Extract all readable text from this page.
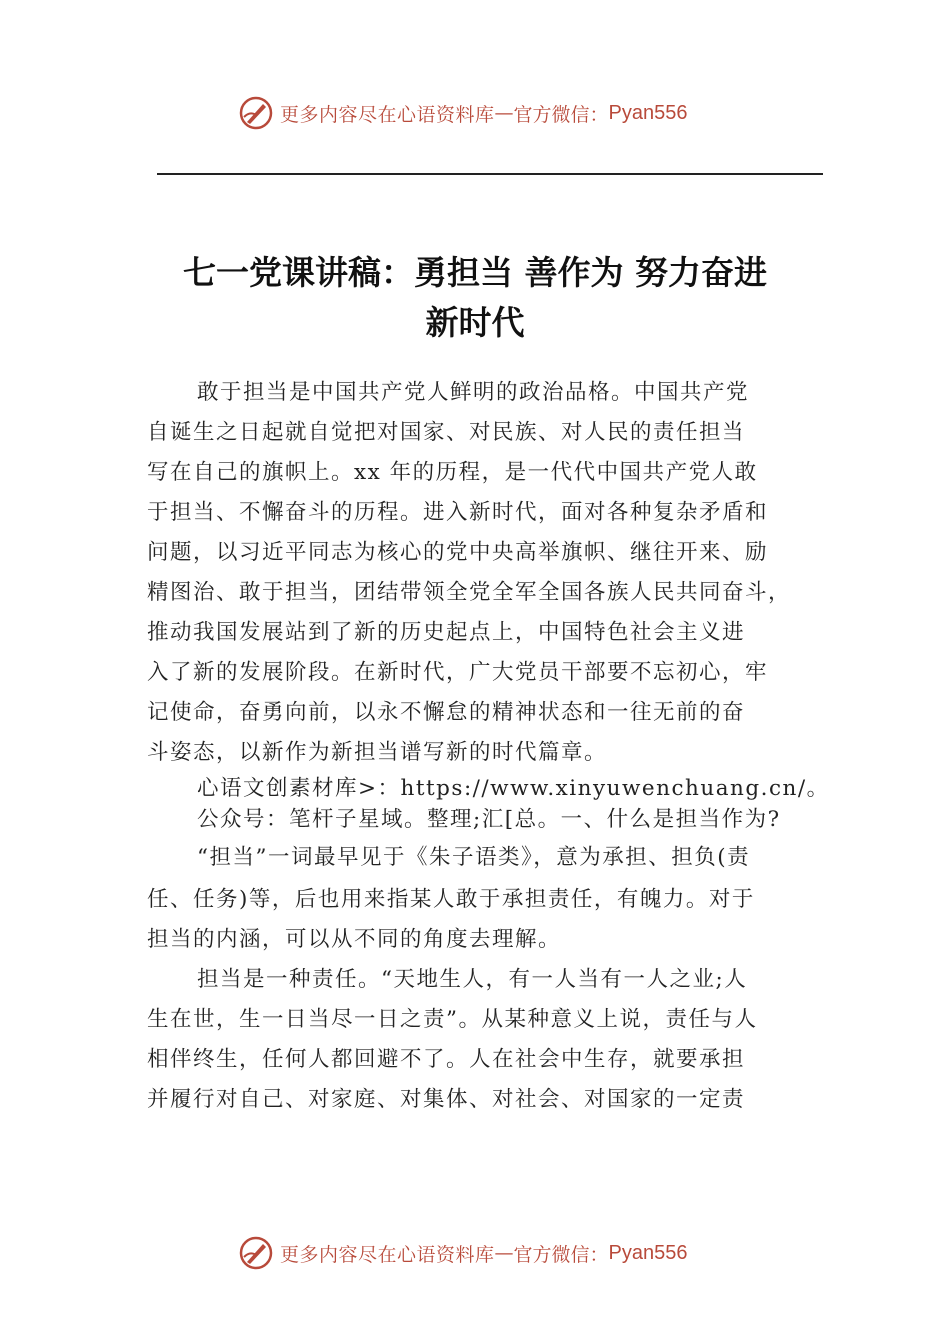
更多内容尽在心语资料库 — 官方微信： Pyan556
七一党课讲稿：勇担当 善作为 努力奋进
新时代
敢于担当是中国共产党人鲜明的政治品格。中国共产党
自诞生之日起就自觉把对国家、对民族、对人民的责任担当
写在自己的旗帜上。xx 年的历程，是一代代中国共产党人敢
于担当、不懈奋斗的历程。进入新时代，面对各种复杂矛盾和
问题，以习近平同志为核心的党中央高举旗帜、继往开来、励
精图治、敢于担当，团结带领全党全军全国各族人民共同奋斗，
推动我国发展站到了新的历史起点上，中国特色社会主义进
入了新的发展阶段。在新时代，广大党员干部要不忘初心，牢
记使命，奋勇向前，以永不懈怠的精神状态和一往无前的奋
斗姿态，以新作为新担当谱写新的时代篇章。
心语文创素材库>：https://www.xinyuwenchuang.cn/。
公众号：笔杆子星域。整理;汇[总。一、什么是担当作为?
“担当”一词最早见于《朱子语类》，意为承担、担负(责
任、任务)等，后也用来指某人敢于承担责任，有魄力。对于
担当的内涵，可以从不同的角度去理解。
担当是一种责任。“天地生人，有一人当有一人之业;人
生在世，生一日当尽一日之责”。从某种意义上说，责任与人
相伴终生，任何人都回避不了。人在社会中生存，就要承担
并履行对自己、对家庭、对集体、对社会、对国家的一定责
更多内容尽在心语资料库 — 官方微信： Pyan556
